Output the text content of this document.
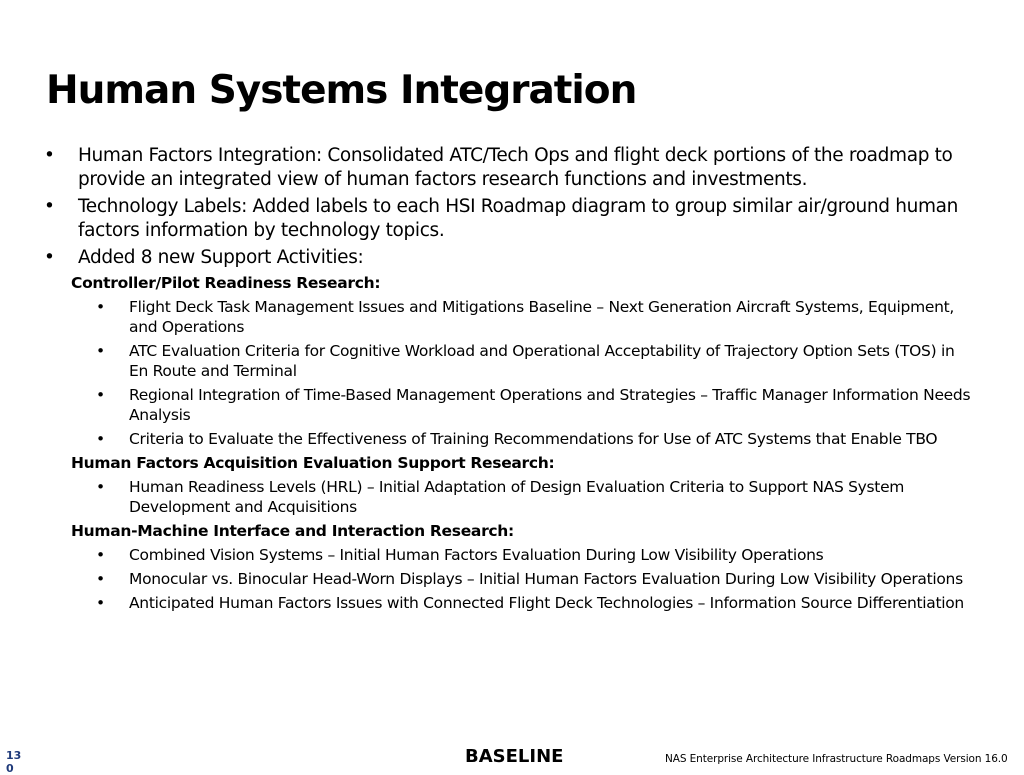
Human Systems Integration
• Human Factors Integration: Consolidated ATC/Tech Ops and flight deck portions of the roadmap to provide an integrated view of human factors research functions and investments.
• Technology Labels: Added labels to each HSI Roadmap diagram to group similar air/ground human factors information by technology topics.
• Added 8 new Support Activities:
Controller/Pilot Readiness Research:
• Flight Deck Task Management Issues and Mitigations Baseline – Next Generation Aircraft Systems, Equipment, and Operations
• ATC Evaluation Criteria for Cognitive Workload and Operational Acceptability of Trajectory Option Sets (TOS) in En Route and Terminal
• Regional Integration of Time-Based Management Operations and Strategies – Traffic Manager Information Needs Analysis
• Criteria to Evaluate the Effectiveness of Training Recommendations for Use of ATC Systems that Enable TBO
Human Factors Acquisition Evaluation Support Research:
• Human Readiness Levels (HRL) – Initial Adaptation of Design Evaluation Criteria to Support NAS System Development and Acquisitions
Human-Machine Interface and Interaction Research:
• Combined Vision Systems – Initial Human Factors Evaluation During Low Visibility Operations
• Monocular vs. Binocular Head-Worn Displays – Initial Human Factors Evaluation During Low Visibility Operations
• Anticipated Human Factors Issues with Connected Flight Deck Technologies – Information Source Differentiation
130
BASELINE	NAS Enterprise Architecture Infrastructure Roadmaps Version 16.0
